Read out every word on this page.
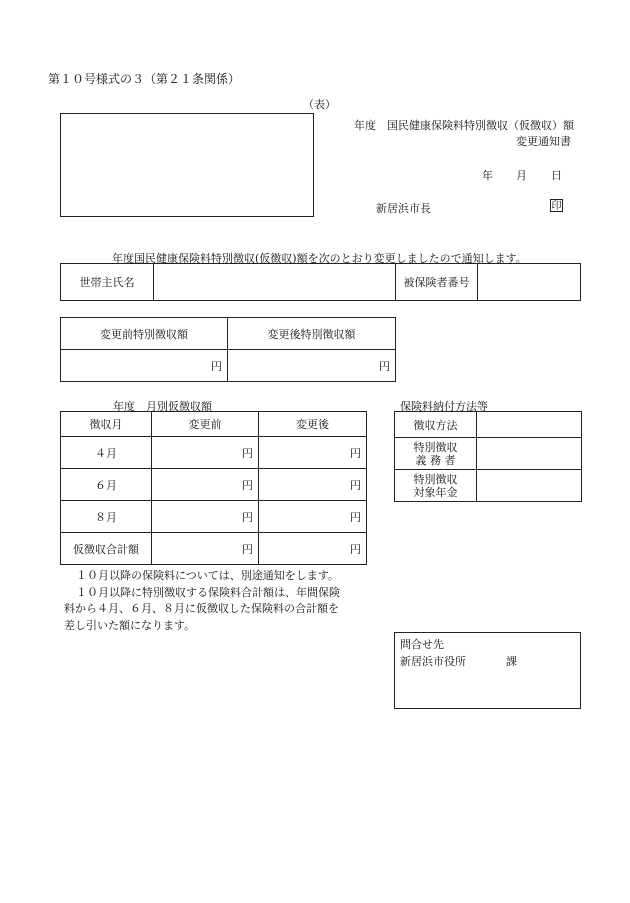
第１０号様式の３（第２１条関係）
（表）
年度　国民健康保険料特別徴収（仮徴収）額
変更通知書
年 月 日
新居浜市長	印
年度国民健康保険料特別徴収(仮徴収)額を次のとおり変更しましたので通知します。
世帯主氏名		被保険者番号	
変更前特別徴収額	変更後特別徴収額
円	円
年度　月別仮徴収額
徴収月	変更前	変更後
４月	円	円
６月	円	円
８月	円	円
仮徴収合計額	円	円
保険料納付方法等
徴収方法	

特別徴収
義 務 者	

特別徴収
対象年金	

１０月以降の保険料については、別途通知をします。
１０月以降に特別徴収する保険料合計額は、年間保険
料から４月、６月、８月に仮徴収した保険料の合計額を
差し引いた額になります。
問合せ先
新居浜市役所	課
